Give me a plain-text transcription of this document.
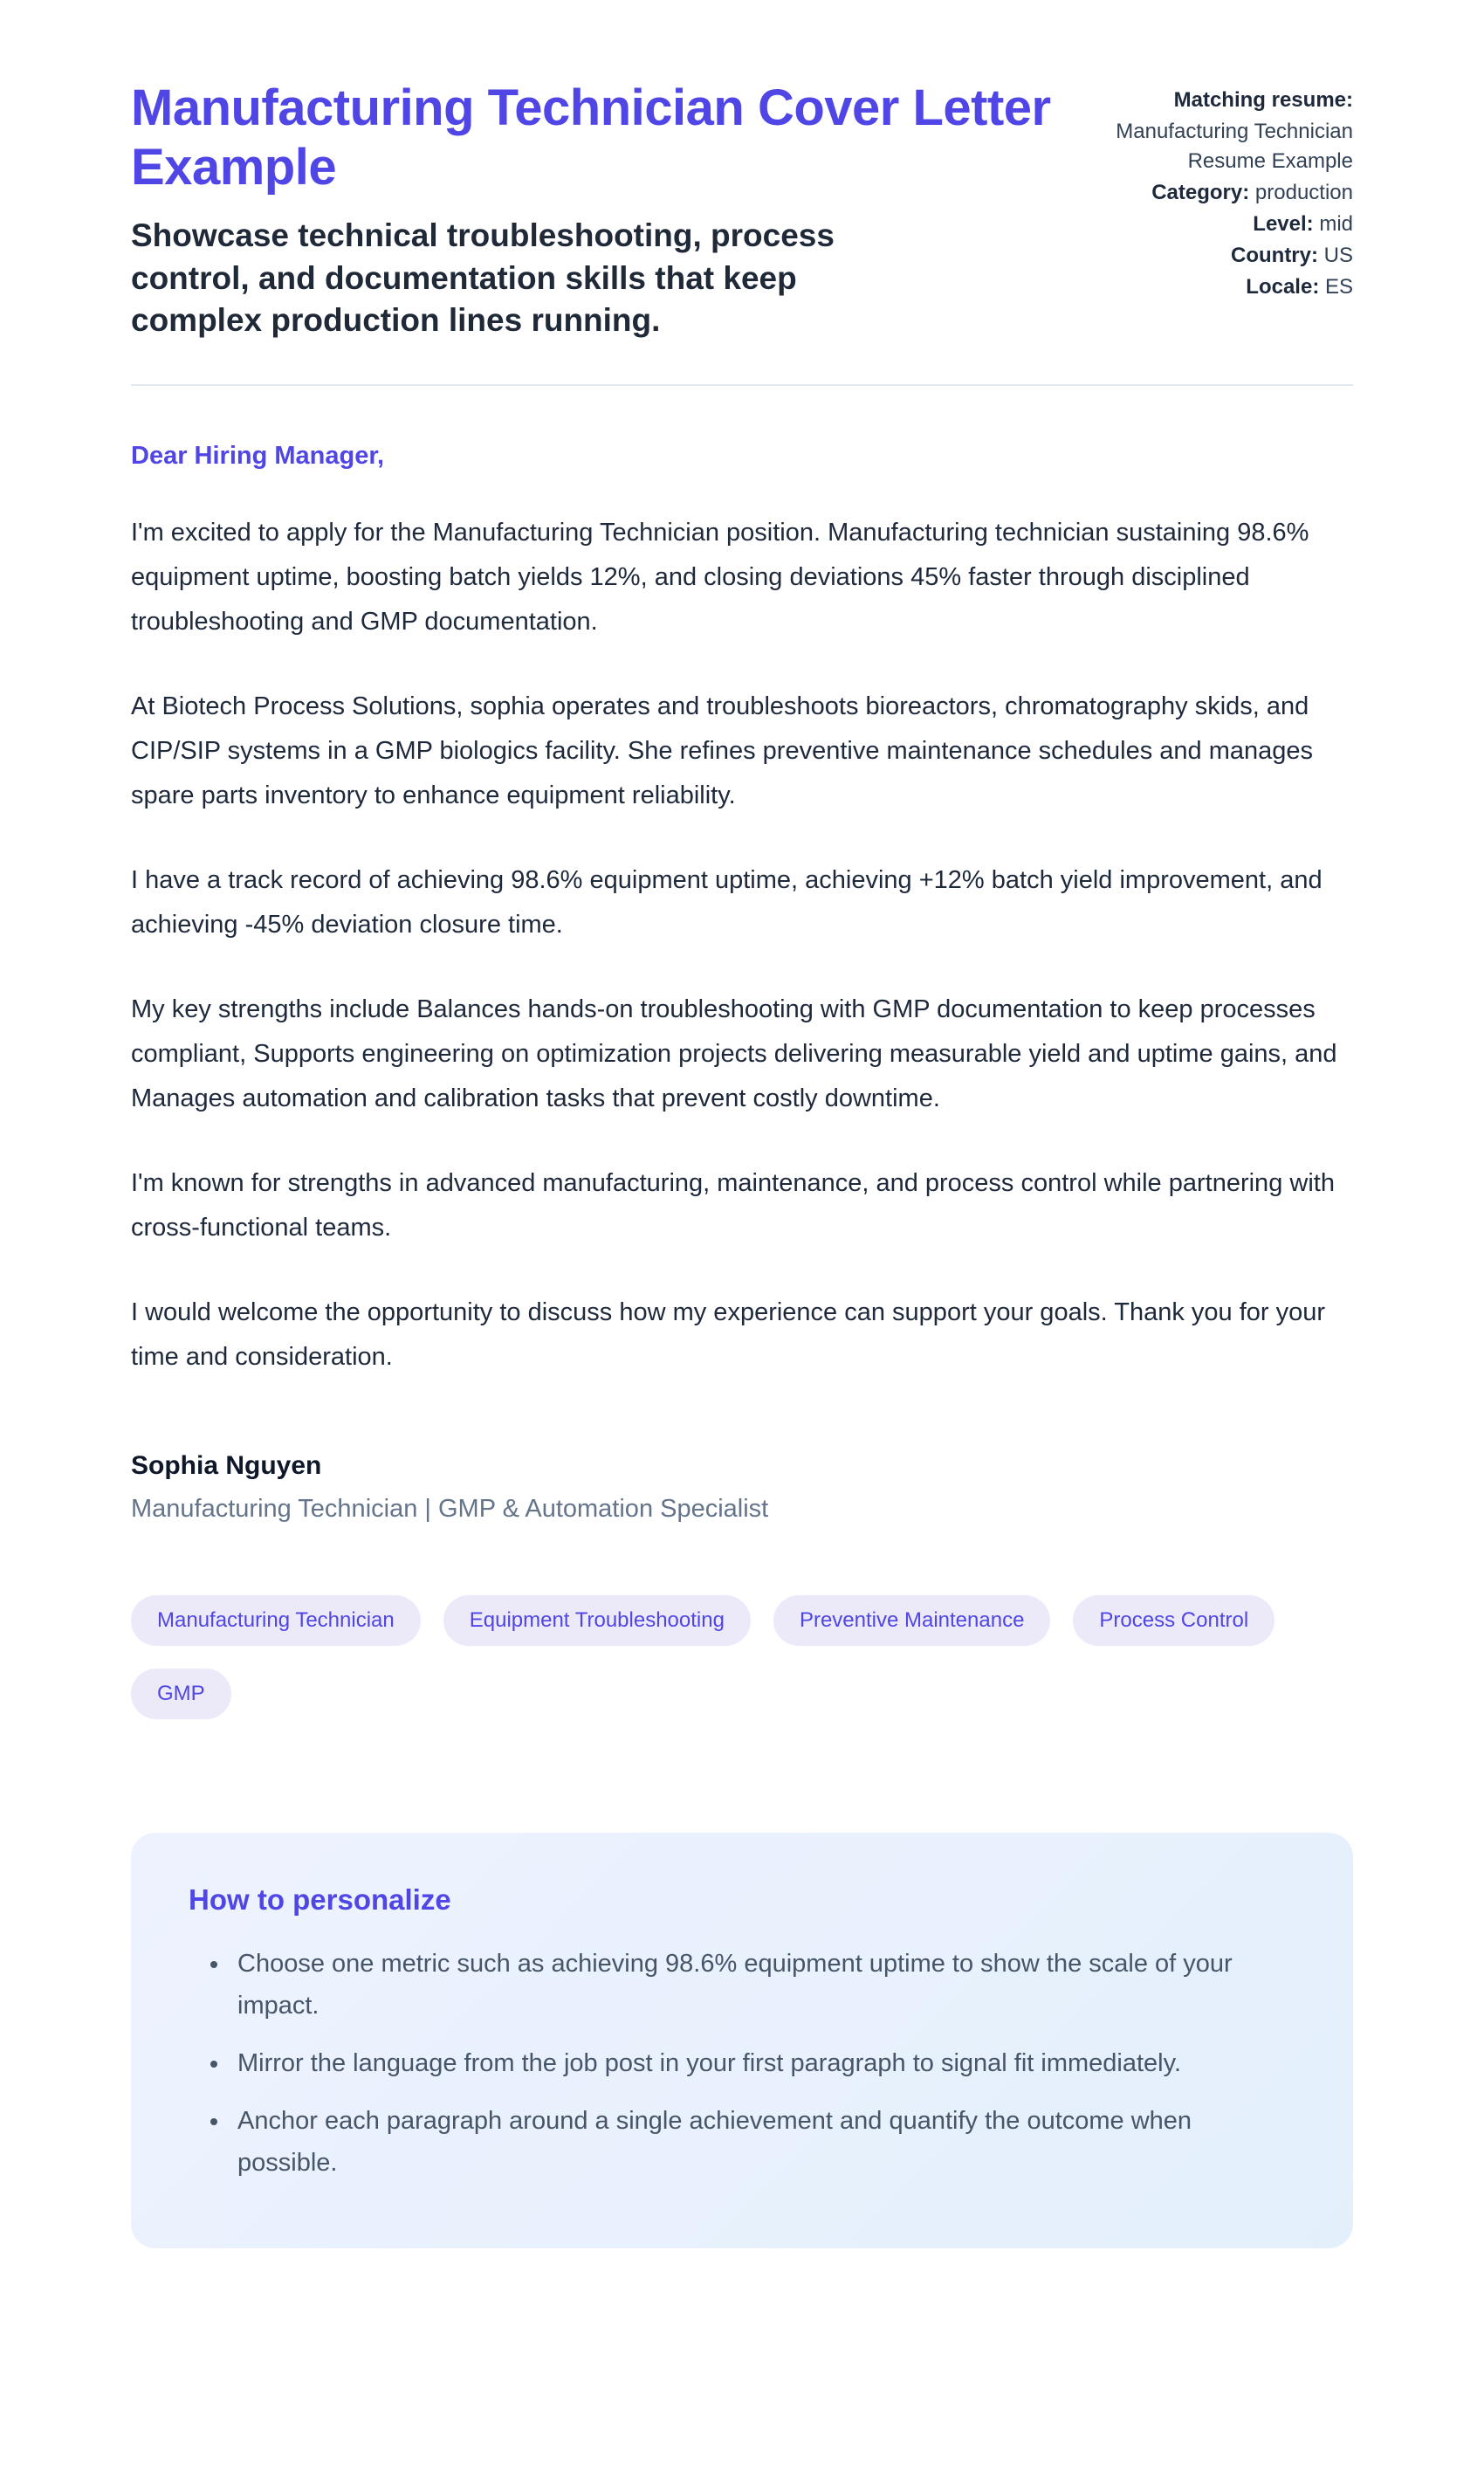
Manufacturing Technician Cover Letter Example
Showcase technical troubleshooting, process control, and documentation skills that keep complex production lines running.
Matching resume:
Manufacturing Technician Resume Example
Category: production
Level: mid
Country: US
Locale: ES
Dear Hiring Manager,

I'm excited to apply for the Manufacturing Technician position. Manufacturing technician sustaining 98.6% equipment uptime, boosting batch yields 12%, and closing deviations 45% faster through disciplined troubleshooting and GMP documentation.

At Biotech Process Solutions, sophia operates and troubleshoots bioreactors, chromatography skids, and CIP/SIP systems in a GMP biologics facility. She refines preventive maintenance schedules and manages spare parts inventory to enhance equipment reliability.

I have a track record of achieving 98.6% equipment uptime, achieving +12% batch yield improvement, and achieving -45% deviation closure time.

My key strengths include Balances hands-on troubleshooting with GMP documentation to keep processes compliant, Supports engineering on optimization projects delivering measurable yield and uptime gains, and Manages automation and calibration tasks that prevent costly downtime.

I'm known for strengths in advanced manufacturing, maintenance, and process control while partnering with cross-functional teams.

I would welcome the opportunity to discuss how my experience can support your goals. Thank you for your time and consideration.

Sophia Nguyen
Manufacturing Technician | GMP & Automation Specialist
Manufacturing Technician	Equipment Troubleshooting	Preventive Maintenance	Process Control
GMP
How to personalize
• Choose one metric such as achieving 98.6% equipment uptime to show the scale of your impact.
• Mirror the language from the job post in your first paragraph to signal fit immediately.
• Anchor each paragraph around a single achievement and quantify the outcome when possible.
